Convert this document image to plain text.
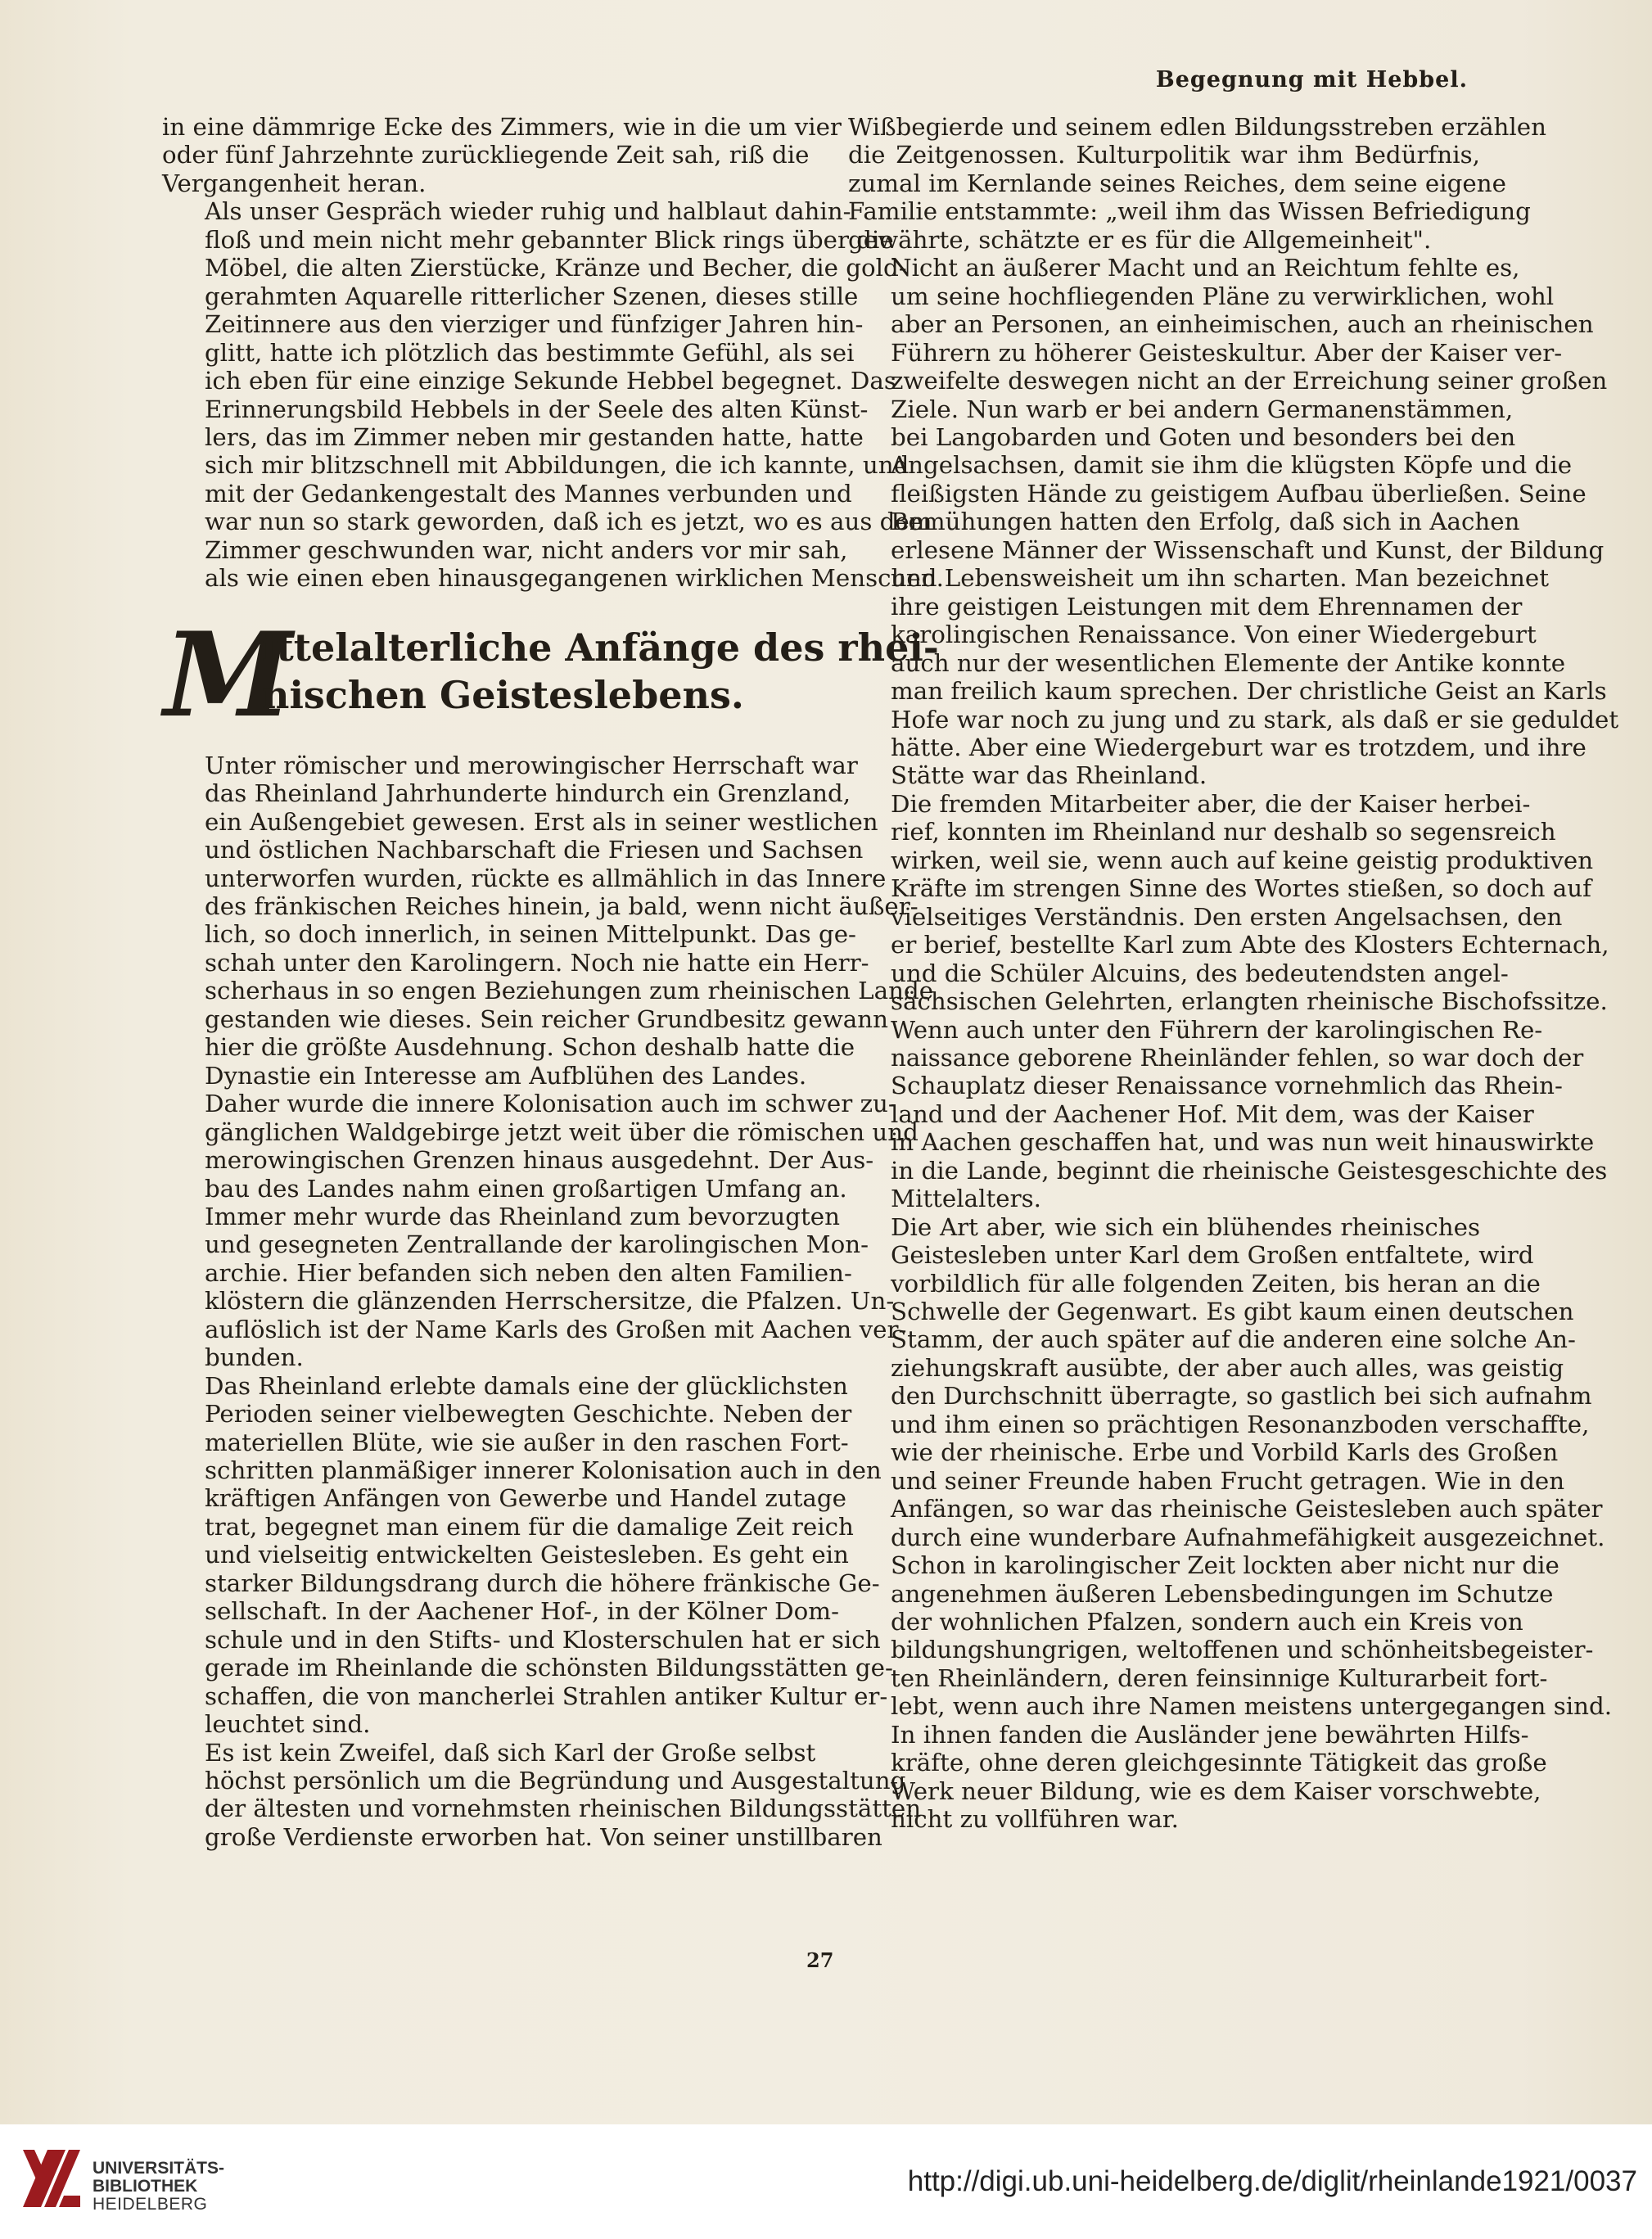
Begegnung mit Hebbel.

in eine dämmrige Ecke des Zimmers, wie in die um vier
oder fünf Jahrzehnte zurückliegende Zeit sah, riß die
Vergangenheit heran.

Als unser Gespräch wieder ruhig und halblaut dahin-
floß und mein nicht mehr gebannter Blick rings über die
Möbel, die alten Zierstücke, Kränze und Becher, die gold-
gerahmten Aquarelle ritterlicher Szenen, dieses stille
Zeitinnere aus den vierziger und fünfziger Jahren hin-
glitt, hatte ich plötzlich das bestimmte Gefühl, als sei
ich eben für eine einzige Sekunde Hebbel begegnet. Das
Erinnerungsbild Hebbels in der Seele des alten Künst-
lers, das im Zimmer neben mir gestanden hatte, hatte
sich mir blitzschnell mit Abbildungen, die ich kannte, und
mit der Gedankengestalt des Mannes verbunden und
war nun so stark geworden, daß ich es jetzt, wo es aus dem
Zimmer geschwunden war, nicht anders vor mir sah,
als wie einen eben hinausgegangenen wirklichen Menschen.

M
ittelalterliche Anfänge des rhei-
nischen Geisteslebens.

Unter römischer und merowingischer Herrschaft war
das Rheinland Jahrhunderte hindurch ein Grenzland,
ein Außengebiet gewesen. Erst als in seiner westlichen
und östlichen Nachbarschaft die Friesen und Sachsen
unterworfen wurden, rückte es allmählich in das Innere
des fränkischen Reiches hinein, ja bald, wenn nicht äußer-
lich, so doch innerlich, in seinen Mittelpunkt. Das ge-
schah unter den Karolingern. Noch nie hatte ein Herr-
scherhaus in so engen Beziehungen zum rheinischen Lande
gestanden wie dieses. Sein reicher Grundbesitz gewann
hier die größte Ausdehnung. Schon deshalb hatte die
Dynastie ein Interesse am Aufblühen des Landes.
Daher wurde die innere Kolonisation auch im schwer zu-
gänglichen Waldgebirge jetzt weit über die römischen und
merowingischen Grenzen hinaus ausgedehnt. Der Aus-
bau des Landes nahm einen großartigen Umfang an.
Immer mehr wurde das Rheinland zum bevorzugten
und gesegneten Zentrallande der karolingischen Mon-
archie. Hier befanden sich neben den alten Familien-
klöstern die glänzenden Herrschersitze, die Pfalzen. Un-
auflöslich ist der Name Karls des Großen mit Aachen ver-
bunden.

Das Rheinland erlebte damals eine der glücklichsten
Perioden seiner vielbewegten Geschichte. Neben der
materiellen Blüte, wie sie außer in den raschen Fort-
schritten planmäßiger innerer Kolonisation auch in den
kräftigen Anfängen von Gewerbe und Handel zutage
trat, begegnet man einem für die damalige Zeit reich
und vielseitig entwickelten Geistesleben. Es geht ein
starker Bildungsdrang durch die höhere fränkische Ge-
sellschaft. In der Aachener Hof-, in der Kölner Dom-
schule und in den Stifts- und Klosterschulen hat er sich
gerade im Rheinlande die schönsten Bildungsstätten ge-
schaffen, die von mancherlei Strahlen antiker Kultur er-
leuchtet sind.

Es ist kein Zweifel, daß sich Karl der Große selbst
höchst persönlich um die Begründung und Ausgestaltung
der ältesten und vornehmsten rheinischen Bildungsstätten
große Verdienste erworben hat. Von seiner unstillbaren

Wißbegierde und seinem edlen Bildungsstreben erzählen
die Zeitgenossen. Kulturpolitik war ihm Bedürfnis,
zumal im Kernlande seines Reiches, dem seine eigene
Familie entstammte: „weil ihm das Wissen Befriedigung
gewährte, schätzte er es für die Allgemeinheit".

Nicht an äußerer Macht und an Reichtum fehlte es,
um seine hochfliegenden Pläne zu verwirklichen, wohl
aber an Personen, an einheimischen, auch an rheinischen
Führern zu höherer Geisteskultur. Aber der Kaiser ver-
zweifelte deswegen nicht an der Erreichung seiner großen
Ziele. Nun warb er bei andern Germanenstämmen,
bei Langobarden und Goten und besonders bei den
Angelsachsen, damit sie ihm die klügsten Köpfe und die
fleißigsten Hände zu geistigem Aufbau überließen. Seine
Bemühungen hatten den Erfolg, daß sich in Aachen
erlesene Männer der Wissenschaft und Kunst, der Bildung
und Lebensweisheit um ihn scharten. Man bezeichnet
ihre geistigen Leistungen mit dem Ehrennamen der
karolingischen Renaissance. Von einer Wiedergeburt
auch nur der wesentlichen Elemente der Antike konnte
man freilich kaum sprechen. Der christliche Geist an Karls
Hofe war noch zu jung und zu stark, als daß er sie geduldet
hätte. Aber eine Wiedergeburt war es trotzdem, und ihre
Stätte war das Rheinland.

Die fremden Mitarbeiter aber, die der Kaiser herbei-
rief, konnten im Rheinland nur deshalb so segensreich
wirken, weil sie, wenn auch auf keine geistig produktiven
Kräfte im strengen Sinne des Wortes stießen, so doch auf
vielseitiges Verständnis. Den ersten Angelsachsen, den
er berief, bestellte Karl zum Abte des Klosters Echternach,
und die Schüler Alcuins, des bedeutendsten angel-
sächsischen Gelehrten, erlangten rheinische Bischofssitze.
Wenn auch unter den Führern der karolingischen Re-
naissance geborene Rheinländer fehlen, so war doch der
Schauplatz dieser Renaissance vornehmlich das Rhein-
land und der Aachener Hof. Mit dem, was der Kaiser
in Aachen geschaffen hat, und was nun weit hinauswirkte
in die Lande, beginnt die rheinische Geistesgeschichte des
Mittelalters.

Die Art aber, wie sich ein blühendes rheinisches
Geistesleben unter Karl dem Großen entfaltete, wird
vorbildlich für alle folgenden Zeiten, bis heran an die
Schwelle der Gegenwart. Es gibt kaum einen deutschen
Stamm, der auch später auf die anderen eine solche An-
ziehungskraft ausübte, der aber auch alles, was geistig
den Durchschnitt überragte, so gastlich bei sich aufnahm
und ihm einen so prächtigen Resonanzboden verschaffte,
wie der rheinische. Erbe und Vorbild Karls des Großen
und seiner Freunde haben Frucht getragen. Wie in den
Anfängen, so war das rheinische Geistesleben auch später
durch eine wunderbare Aufnahmefähigkeit ausgezeichnet.
Schon in karolingischer Zeit lockten aber nicht nur die
angenehmen äußeren Lebensbedingungen im Schutze
der wohnlichen Pfalzen, sondern auch ein Kreis von
bildungshungrigen, weltoffenen und schönheitsbegeister-
ten Rheinländern, deren feinsinnige Kulturarbeit fort-
lebt, wenn auch ihre Namen meistens untergegangen sind.
In ihnen fanden die Ausländer jene bewährten Hilfs-
kräfte, ohne deren gleichgesinnte Tätigkeit das große
Werk neuer Bildung, wie es dem Kaiser vorschwebte,
nicht zu vollführen war.

27
UNIVERSITÄTS-
BIBLIOTHEK
HEIDELBERG
http://digi.ub.uni-heidelberg.de/diglit/rheinlande1921/0037
